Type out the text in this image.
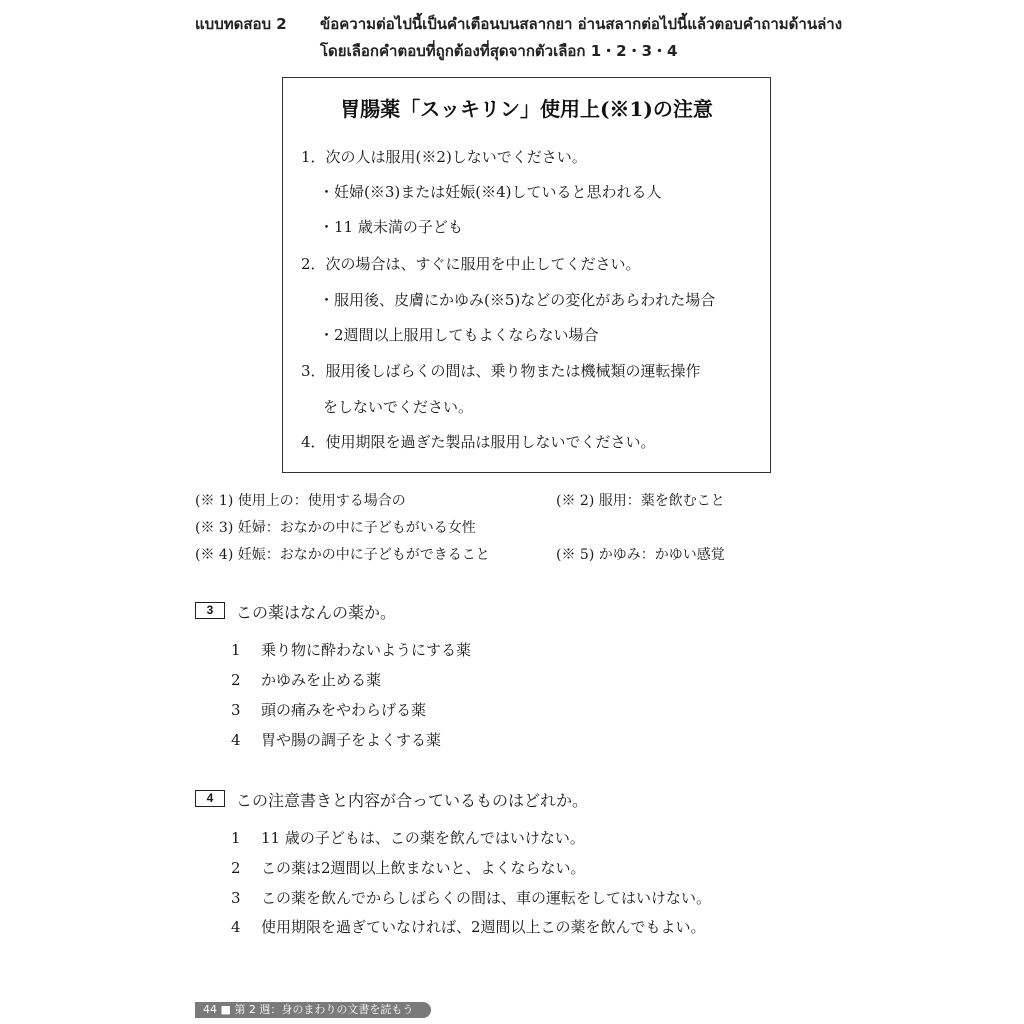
แบบทดสอบ 2 ข้อความต่อไปนี้เป็นคำเตือนบนสลากยา อ่านสลากต่อไปนี้แล้วตอบคำถามด้านล่าง
โดยเลือกคำตอบที่ถูกต้องที่สุดจากตัวเลือก 1・2・3・4
胃腸薬「スッキリン」使用上(※1)の注意
1．次の人は服用(※2)しないでください。
・妊婦(※3)または妊娠(※4)していると思われる人
・11 歳未満の子ども
2．次の場合は、すぐに服用を中止してください。
・服用後、皮膚にかゆみ(※5)などの変化があらわれた場合
・2週間以上服用してもよくならない場合
3．服用後しばらくの間は、乗り物または機械類の運転操作
をしないでください。
4．使用期限を過ぎた製品は服用しないでください。
(※ 1) 使用上の：使用する場合の	(※ 2) 服用：薬を飲むこと
(※ 3) 妊婦：おなかの中に子どもがいる女性
(※ 4) 妊娠：おなかの中に子どもができること	(※ 5) かゆみ：かゆい感覚
3	この薬はなんの薬か。
1 乗り物に酔わないようにする薬
2 かゆみを止める薬
3 頭の痛みをやわらげる薬
4 胃や腸の調子をよくする薬
4	この注意書きと内容が合っているものはどれか。
1 11 歳の子どもは、この薬を飲んではいけない。
2 この薬は2週間以上飲まないと、よくならない。
3 この薬を飲んでからしばらくの間は、車の運転をしてはいけない。
4 使用期限を過ぎていなければ、2週間以上この薬を飲んでもよい。
44 ■ 第 2 週：身のまわりの文書を読もう
